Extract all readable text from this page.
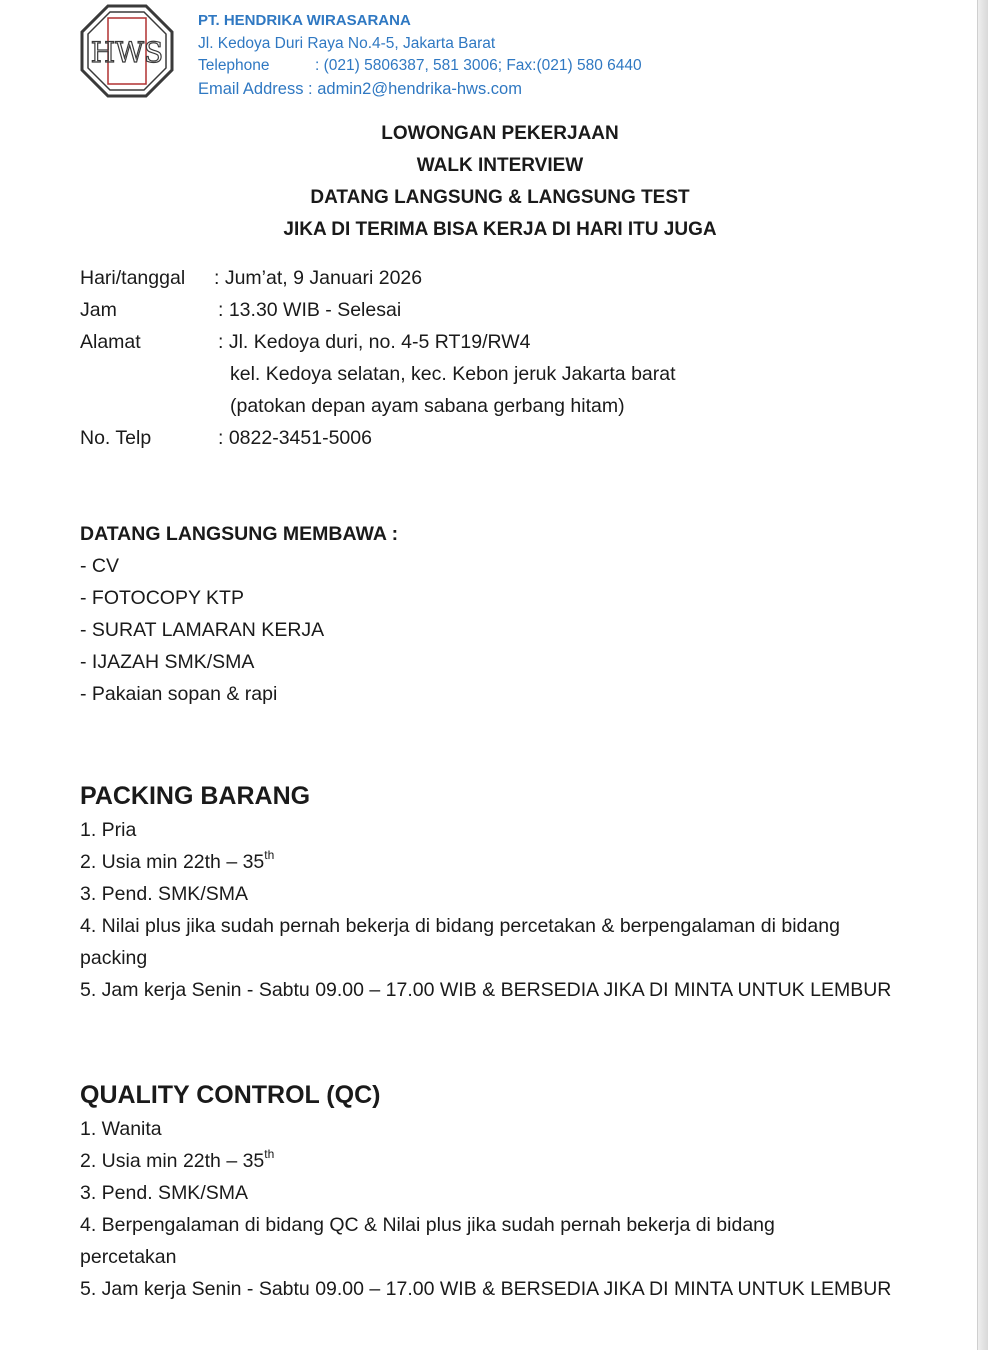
HWS
PT. HENDRIKA WIRASARANA
Jl. Kedoya Duri Raya No.4-5, Jakarta Barat
Telephone	: (021) 5806387, 581 3006; Fax:(021) 580 6440
Email Address : admin2@hendrika-hws.com
LOWONGAN PEKERJAAN
WALK INTERVIEW
DATANG LANGSUNG & LANGSUNG TEST
JIKA DI TERIMA BISA KERJA DI HARI ITU JUGA
Hari/tanggal : Jum’at, 9 Januari 2026
Jam	: 13.30 WIB - Selesai
Alamat	: Jl. Kedoya duri, no. 4-5 RT19/RW4
kel. Kedoya selatan, kec. Kebon jeruk Jakarta barat
(patokan depan ayam sabana gerbang hitam)
No. Telp	: 0822-3451-5006
DATANG LANGSUNG MEMBAWA :
- CV
- FOTOCOPY KTP
- SURAT LAMARAN KERJA
- IJAZAH SMK/SMA
- Pakaian sopan & rapi
PACKING BARANG
1. Pria
2. Usia min 22th – 35th
3. Pend. SMK/SMA
4. Nilai plus jika sudah pernah bekerja di bidang percetakan & berpengalaman di bidang
packing
5. Jam kerja Senin - Sabtu 09.00 – 17.00 WIB & BERSEDIA JIKA DI MINTA UNTUK LEMBUR
QUALITY CONTROL (QC)
1. Wanita
2. Usia min 22th – 35th
3. Pend. SMK/SMA
4. Berpengalaman di bidang QC & Nilai plus jika sudah pernah bekerja di bidang
percetakan
5. Jam kerja Senin - Sabtu 09.00 – 17.00 WIB & BERSEDIA JIKA DI MINTA UNTUK LEMBUR
